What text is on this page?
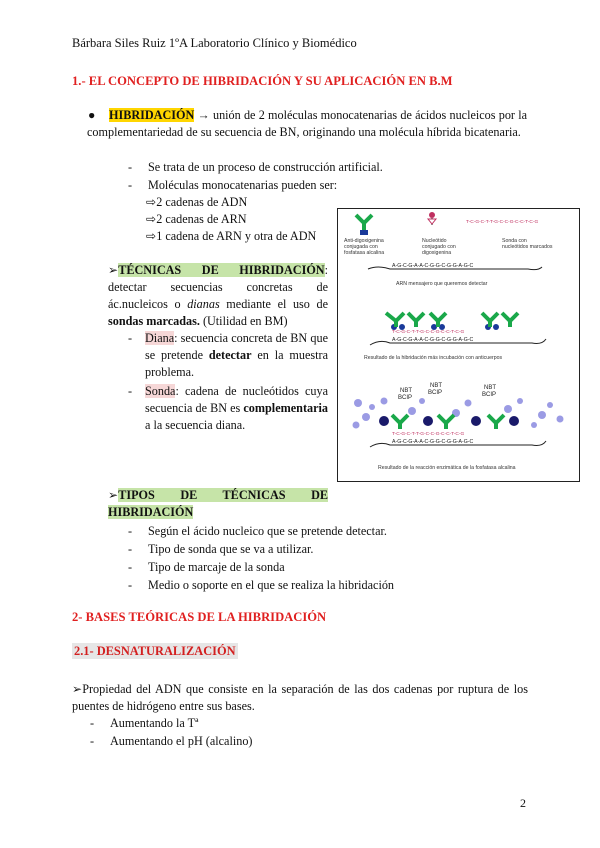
Bárbara Siles Ruiz 1ºA Laboratorio Clínico y Biomédico
1.- EL CONCEPTO DE HIBRIDACIÓN Y SU APLICACIÓN EN B.M
● HIBRIDACIÓN → unión de 2 moléculas monocatenarias de ácidos nucleicos por la complementariedad de su secuencia de BN, originando una molécula híbrida bicatenaria.
- Se trata de un proceso de construcción artificial.
- Moléculas monocatenarias pueden ser:
⇨2 cadenas de ADN
⇨2 cadenas de ARN
⇨1 cadena de ARN y otra de ADN
➢TÉCNICAS DE HIBRIDACIÓN: detectar secuencias concretas de ác.nucleicos o dianas mediante el uso de sondas marcadas. (Utilidad en BM)
-	Diana: secuencia concreta de BN que se pretende detectar en la muestra problema.
-	Sonda: cadena de nucleótidos cuya secuencia de BN es complementaria a la secuencia diana.
➢TIPOS DE TÉCNICAS DE HIBRIDACIÓN
- Según el ácido nucleico que se pretende detectar.
- Tipo de sonda que se va a utilizar.
- Tipo de marcaje de la sonda
- Medio o soporte en el que se realiza la hibridación
2- BASES TEÓRICAS DE LA HIBRIDACIÓN
2.1- DESNATURALIZACIÓN
➢Propiedad del ADN que consiste en la separación de las dos cadenas por ruptura de los puentes de hidrógeno entre sus bases.
- Aumentando la Tª
- Aumentando el pH (alcalino)
2
Anti-digoxigenina conjugada con fosfatasa alcalina
Nucleótido conjugado con digoxigenina
Sonda con nucleótidos marcados
T-C-G-C-T-T-G-C-C-G-C-C-T-C-G
A-G-C-G-A-A-C-G-G-C-G-G-A-G-C
ARN mensajero que queremos detectar
A-G-C-G-A-A-C-G-G-C-G-G-A-G-C
T-C-G-C-T-T-G-C-C-G-C-C-T-C-G
Resultado de la hibridación más incubación con anticuerpos
NBT
BCIP
NBT
BCIP
NBT
BCIP
A-G-C-G-A-A-C-G-G-C-G-G-A-G-C
T-C-G-C-T-T-G-C-C-G-C-C-T-C-G
Resultado de la reacción enzimática de la fosfatasa alcalina
